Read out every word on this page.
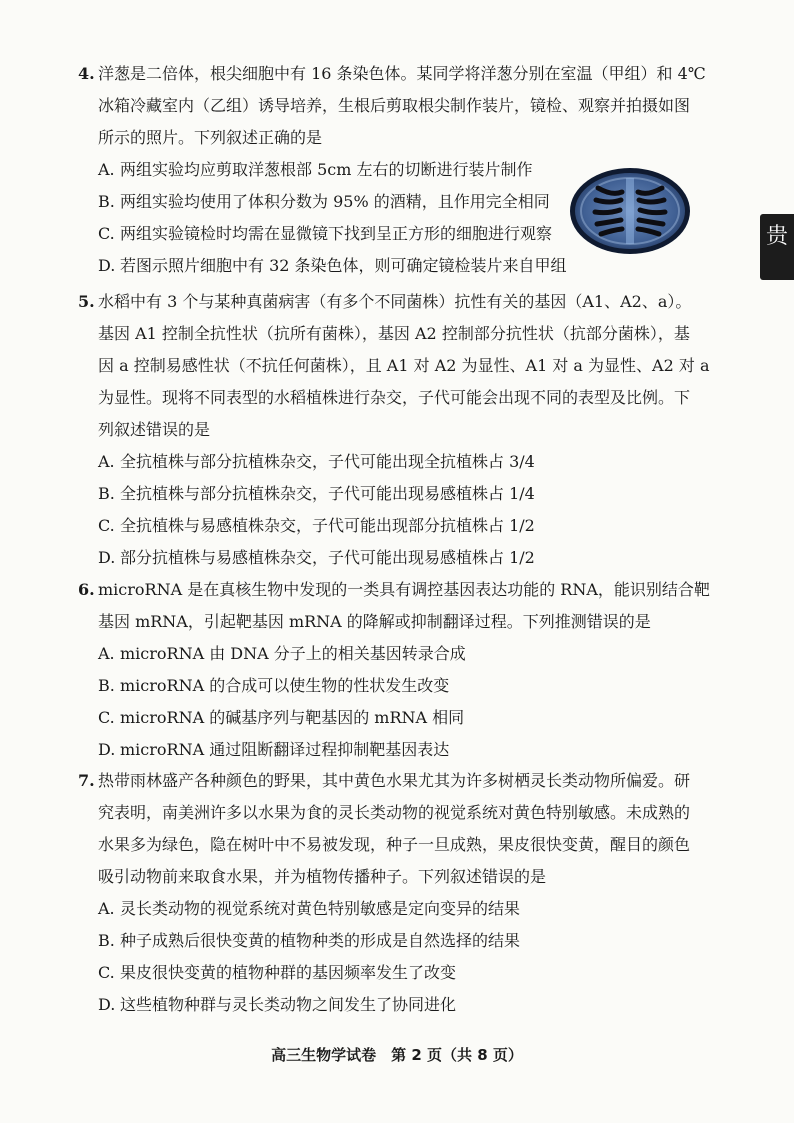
4. 洋葱是二倍体，根尖细胞中有 16 条染色体。某同学将洋葱分别在室温（甲组）和 4℃
冰箱冷藏室内（乙组）诱导培养，生根后剪取根尖制作装片，镜检、观察并拍摄如图
所示的照片。下列叙述正确的是
A. 两组实验均应剪取洋葱根部 5cm 左右的切断进行装片制作
B. 两组实验均使用了体积分数为 95% 的酒精，且作用完全相同
C. 两组实验镜检时均需在显微镜下找到呈正方形的细胞进行观察
D. 若图示照片细胞中有 32 条染色体，则可确定镜检装片来自甲组
5. 水稻中有 3 个与某种真菌病害（有多个不同菌株）抗性有关的基因（A1、A2、a）。
基因 A1 控制全抗性状（抗所有菌株），基因 A2 控制部分抗性状（抗部分菌株），基
因 a 控制易感性状（不抗任何菌株），且 A1 对 A2 为显性、A1 对 a 为显性、A2 对 a
为显性。现将不同表型的水稻植株进行杂交，子代可能会出现不同的表型及比例。下
列叙述错误的是
A. 全抗植株与部分抗植株杂交，子代可能出现全抗植株占 3/4
B. 全抗植株与部分抗植株杂交，子代可能出现易感植株占 1/4
C. 全抗植株与易感植株杂交，子代可能出现部分抗植株占 1/2
D. 部分抗植株与易感植株杂交，子代可能出现易感植株占 1/2
6. microRNA 是在真核生物中发现的一类具有调控基因表达功能的 RNA，能识别结合靶
基因 mRNA，引起靶基因 mRNA 的降解或抑制翻译过程。下列推测错误的是
A. microRNA 由 DNA 分子上的相关基因转录合成
B. microRNA 的合成可以使生物的性状发生改变
C. microRNA 的碱基序列与靶基因的 mRNA 相同
D. microRNA 通过阻断翻译过程抑制靶基因表达
7. 热带雨林盛产各种颜色的野果，其中黄色水果尤其为许多树栖灵长类动物所偏爱。研
究表明，南美洲许多以水果为食的灵长类动物的视觉系统对黄色特别敏感。未成熟的
水果多为绿色，隐在树叶中不易被发现，种子一旦成熟，果皮很快变黄，醒目的颜色
吸引动物前来取食水果，并为植物传播种子。下列叙述错误的是
A. 灵长类动物的视觉系统对黄色特别敏感是定向变异的结果
B. 种子成熟后很快变黄的植物种类的形成是自然选择的结果
C. 果皮很快变黄的植物种群的基因频率发生了改变
D. 这些植物种群与灵长类动物之间发生了协同进化
贵
高三生物学试卷　第 2 页（共 8 页）
